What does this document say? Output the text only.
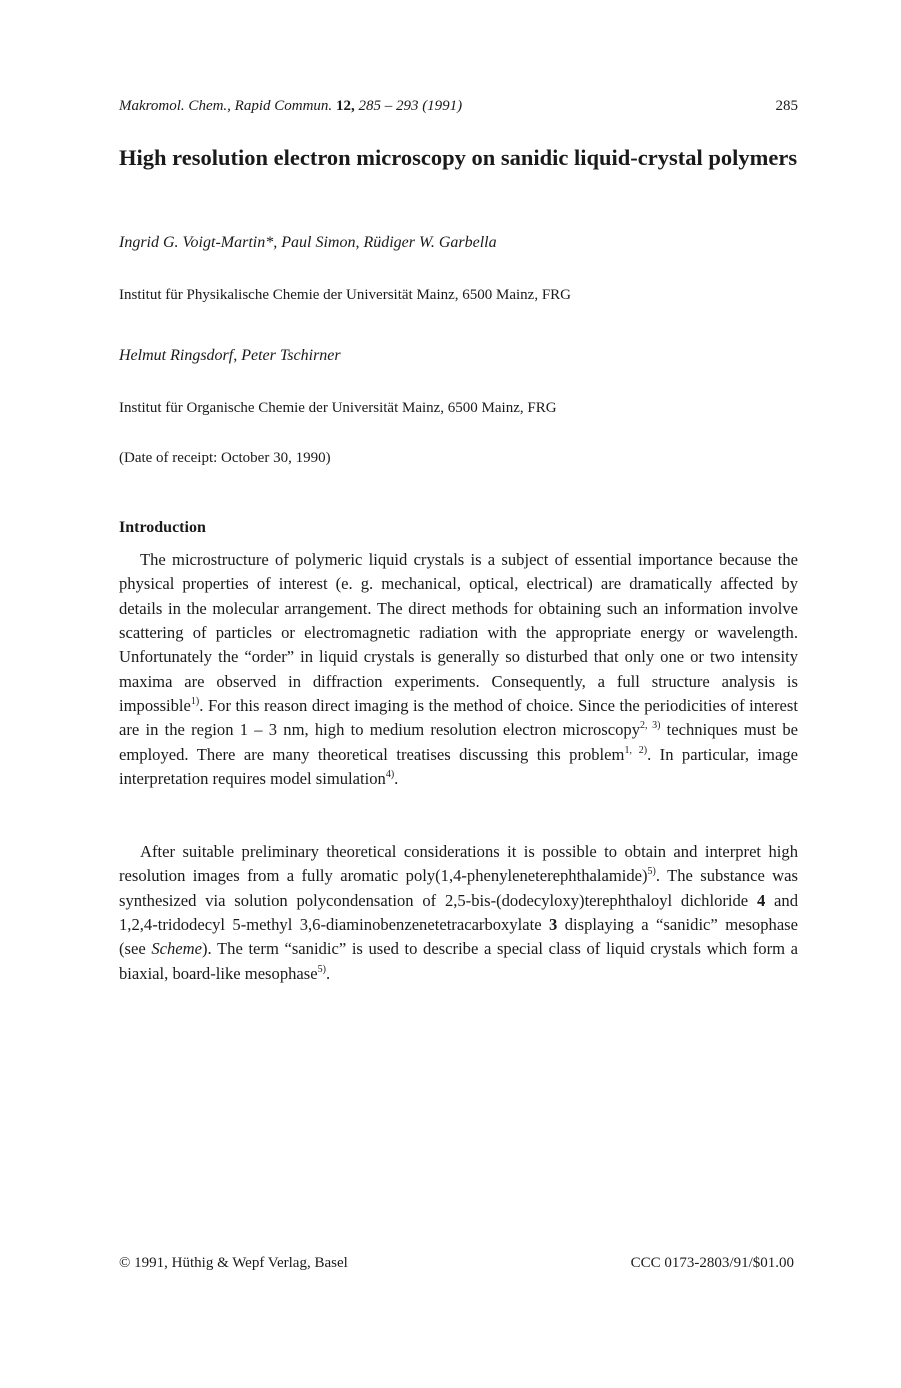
Makromol. Chem., Rapid Commun. 12, 285 – 293 (1991)	285
High resolution electron microscopy on sanidic liquid-crystal polymers

Ingrid G. Voigt-Martin*, Paul Simon, Rüdiger W. Garbella

Institut für Physikalische Chemie der Universität Mainz, 6500 Mainz, FRG

Helmut Ringsdorf, Peter Tschirner

Institut für Organische Chemie der Universität Mainz, 6500 Mainz, FRG

(Date of receipt: October 30, 1990)

Introduction

The microstructure of polymeric liquid crystals is a subject of essential importance because the physical properties of interest (e. g. mechanical, optical, electrical) are dramatically affected by details in the molecular arrangement. The direct methods for obtaining such an information involve scattering of particles or electromagnetic radiation with the appropriate energy or wavelength. Unfortunately the “order” in liquid crystals is generally so disturbed that only one or two intensity maxima are observed in diffraction experiments. Consequently, a full structure analysis is impossible$^{1)}$. For this reason direct imaging is the method of choice. Since the periodicities of interest are in the region 1 – 3 nm, high to medium resolution electron microscopy$^{2, 3)}$ techniques must be employed. There are many theoretical treatises discussing this problem$^{1, 2)}$. In particular, image interpretation requires model simulation$^{4)}$.

After suitable preliminary theoretical considerations it is possible to obtain and interpret high resolution images from a fully aromatic poly(1,4-phenyleneterephthalamide)$^{5)}$. The substance was synthesized via solution polycondensation of 2,5-bis-(dodecyloxy)terephthaloyl dichloride 4 and 1,2,4-tridodecyl 5-methyl 3,6-diaminobenzenetetracarboxylate 3 displaying a “sanidic” mesophase (see Scheme). The term “sanidic” is used to describe a special class of liquid crystals which form a biaxial, board-like mesophase$^{5)}$.

© 1991, Hüthig & Wepf Verlag, Basel	CCC 0173-2803/91/$01.00
